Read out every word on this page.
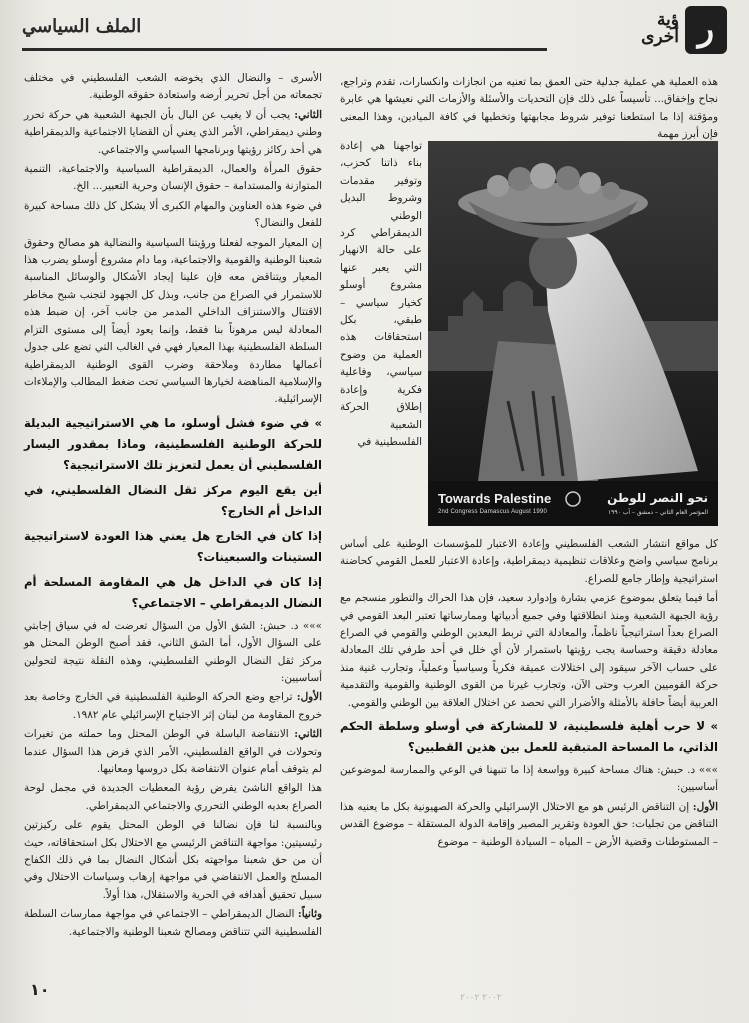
الملف السياسي	ر
ؤية
أخرى

هذه العملية هي عملية جدلية حتى العمق بما تعنيه من انجازات وانكسارات، تقدم وتراجع، نجاح وإخفاق... تأسيساً على ذلك فإن التحديات والأسئلة والأزمات التي نعيشها هي عابرة ومؤقتة إذا ما استطعنا توفير شروط مجابهتها وتخطيها في كافة الميادين، وهذا المعنى فإن أبرز مهمة

تواجهنا هي إعادة بناء ذاتنا كحزب، وتوفير مقدمات وشروط البديل الوطني الديمقراطي كرد على حالة الانهيار التي يعبر عنها مشروع أوسلو كخيار سياسي – طبقي، بكل استحقاقات هذه العملية من وضوح سياسي، وفاعلية فكرية وإعادة إطلاق الحركة الشعبية الفلسطينية في

Towards Palestine
2nd Congress Damascus August 1990
نحو النصر للوطن
المؤتمر العام الثاني – دمشق – آب ١٩٩٠

كل مواقع انتشار الشعب الفلسطيني وإعادة الاعتبار للمؤسسات الوطنية على أساس برنامج سياسي واضح وعلاقات تنظيمية ديمقراطية، وإعادة الاعتبار للعمل القومي كحاضنة استراتيجية وإطار جامع للصراع.

أما فيما يتعلق بموضوع عزمي بشارة وإدوارد سعيد، فإن هذا الحراك والتطور منسجم مع رؤية الجبهة الشعبية ومنذ انطلاقتها وفي جميع أدبياتها وممارساتها تعتبر البعد القومي في الصراع بعداً استراتيجياً ناظماً، والمعادلة التي تربط البعدين الوطني والقومي في الصراع معادلة دقيقة وحساسة يجب رؤيتها باستمرار لأن أي خلل في أحد طرفي تلك المعادلة على حساب الآخر سيقود إلى اختلالات عميقة فكرياً وسياسياً وعملياً، وتجارب غنية منذ حركة القوميين العرب وحتى الآن، وتجارب غيرنا من القوى الوطنية والقومية والتقدمية العربية أيضاً حافلة بالأمثلة والأضرار التي تحصد عن اختلال العلاقة بين الوطني والقومي.

» لا حرب أهلية فلسطينية، لا للمشاركة في أوسلو وسلطة الحكم الذاتي، ما المساحة المتبقية للعمل بين هذين القطبين؟

»»» د. حبش: هناك مساحة كبيرة وواسعة إذا ما تنبهنا في الوعي والممارسة لموضوعين أساسيين:

الأول: إن التناقض الرئيس هو مع الاحتلال الإسرائيلي والحركة الصهيونية بكل ما يعنيه هذا التناقض من تجليات: حق العودة وتقرير المصير وإقامة الدولة المستقلة – موضوع القدس – المستوطنات وقضية الأرض – المياه – السيادة الوطنية – موضوع

الأسرى – والنضال الذي يخوضه الشعب الفلسطيني في مختلف تجمعاته من أجل تحرير أرضه واستعادة حقوقه الوطنية.

الثاني: يجب أن لا يغيب عن البال بأن الجبهة الشعبية هي حركة تحرر وطني ديمقراطي، الأمر الذي يعني أن القضايا الاجتماعية والديمقراطية هي أحد ركائز رؤيتها وبرنامجها السياسي والاجتماعي.

حقوق المرأة والعمال، الديمقراطية السياسية والاجتماعية، التنمية المتوازنة والمستدامة – حقوق الإنسان وحرية التعبير... الخ.

في ضوء هذه العناوين والمهام الكبرى ألا يشكل كل ذلك مساحة كبيرة للفعل والنضال؟

إن المعيار الموجه لفعلنا ورؤيتنا السياسية والنضالية هو مصالح وحقوق شعبنا الوطنية والقومية والاجتماعية، وما دام مشروع أوسلو يضرب هذا المعيار ويتناقض معه فإن علينا إيجاد الأشكال والوسائل المناسبة للاستمرار في الصراع من جانب، وبذل كل الجهود لتجنب شبح مخاطر الاقتتال والاستنزاف الداخلي المدمر من جانب آخر، إن ضبط هذه المعادلة ليس مرهوناً بنا فقط، وإنما يعود أيضاً إلى مستوى التزام السلطة الفلسطينية بهذا المعيار فهي في الغالب التي تضع على جدول أعمالها مطاردة وملاحقة وضرب القوى الوطنية الديمقراطية والإسلامية المناهضة لخيارها السياسي تحت ضغط المطالب والإملاءات الإسرائيلية.

» في ضوء فشل أوسلو، ما هي الاستراتيجية البديلة للحركة الوطنية الفلسطينية، وماذا بمقدور اليسار الفلسطيني أن يعمل لتعزيز تلك الاستراتيجية؟

أين يقع اليوم مركز ثقل النضال الفلسطيني، في الداخل أم الخارج؟

إذا كان في الخارج هل يعني هذا العودة لاستراتيجية الستينات والسبعينات؟

إذا كان في الداخل هل هي المقاومة المسلحة أم النضال الديمقراطي – الاجتماعي؟

»»» د. حبش: الشق الأول من السؤال تعرضت له في سياق إجابتي على السؤال الأول، أما الشق الثاني، فقد أصبح الوطن المحتل هو مركز ثقل النضال الوطني الفلسطيني، وهذه النقلة نتيجة لتحولين أساسيين:

الأول: تراجع وضع الحركة الوطنية الفلسطينية في الخارج وخاصة بعد خروج المقاومة من لبنان إثر الاجتياح الإسرائيلي عام ١٩٨٢.

الثاني: الانتفاضة الباسلة في الوطن المحتل وما حملته من تغيرات وتحولات في الواقع الفلسطيني، الأمر الذي فرض هذا السؤال عندما لم يتوقف أمام عنوان الانتفاضة بكل دروسها ومعانيها.

هذا الواقع الناشئ يفرض رؤية المعطيات الجديدة في مجمل لوحة الصراع بعديه الوطني التحرري والاجتماعي الديمقراطي.

وبالنسبة لنا فإن نضالنا في الوطن المحتل يقوم على ركيزتين رئيسيتين: مواجهة التناقض الرئيسي مع الاحتلال بكل استحقاقاته، حيث أن من حق شعبنا مواجهته بكل أشكال النضال بما في ذلك الكفاح المسلح والعمل الانتفاضي في مواجهة إرهاب وسياسات الاحتلال وفي سبيل تحقيق أهدافه في الحرية والاستقلال، هذا أولاً.

وثانياً: النضال الديمقراطي – الاجتماعي في مواجهة ممارسات السلطة الفلسطينية التي تتناقض ومصالح شعبنا الوطنية والاجتماعية.

١٠	٢٠٠٢ ٢٠٠٢
